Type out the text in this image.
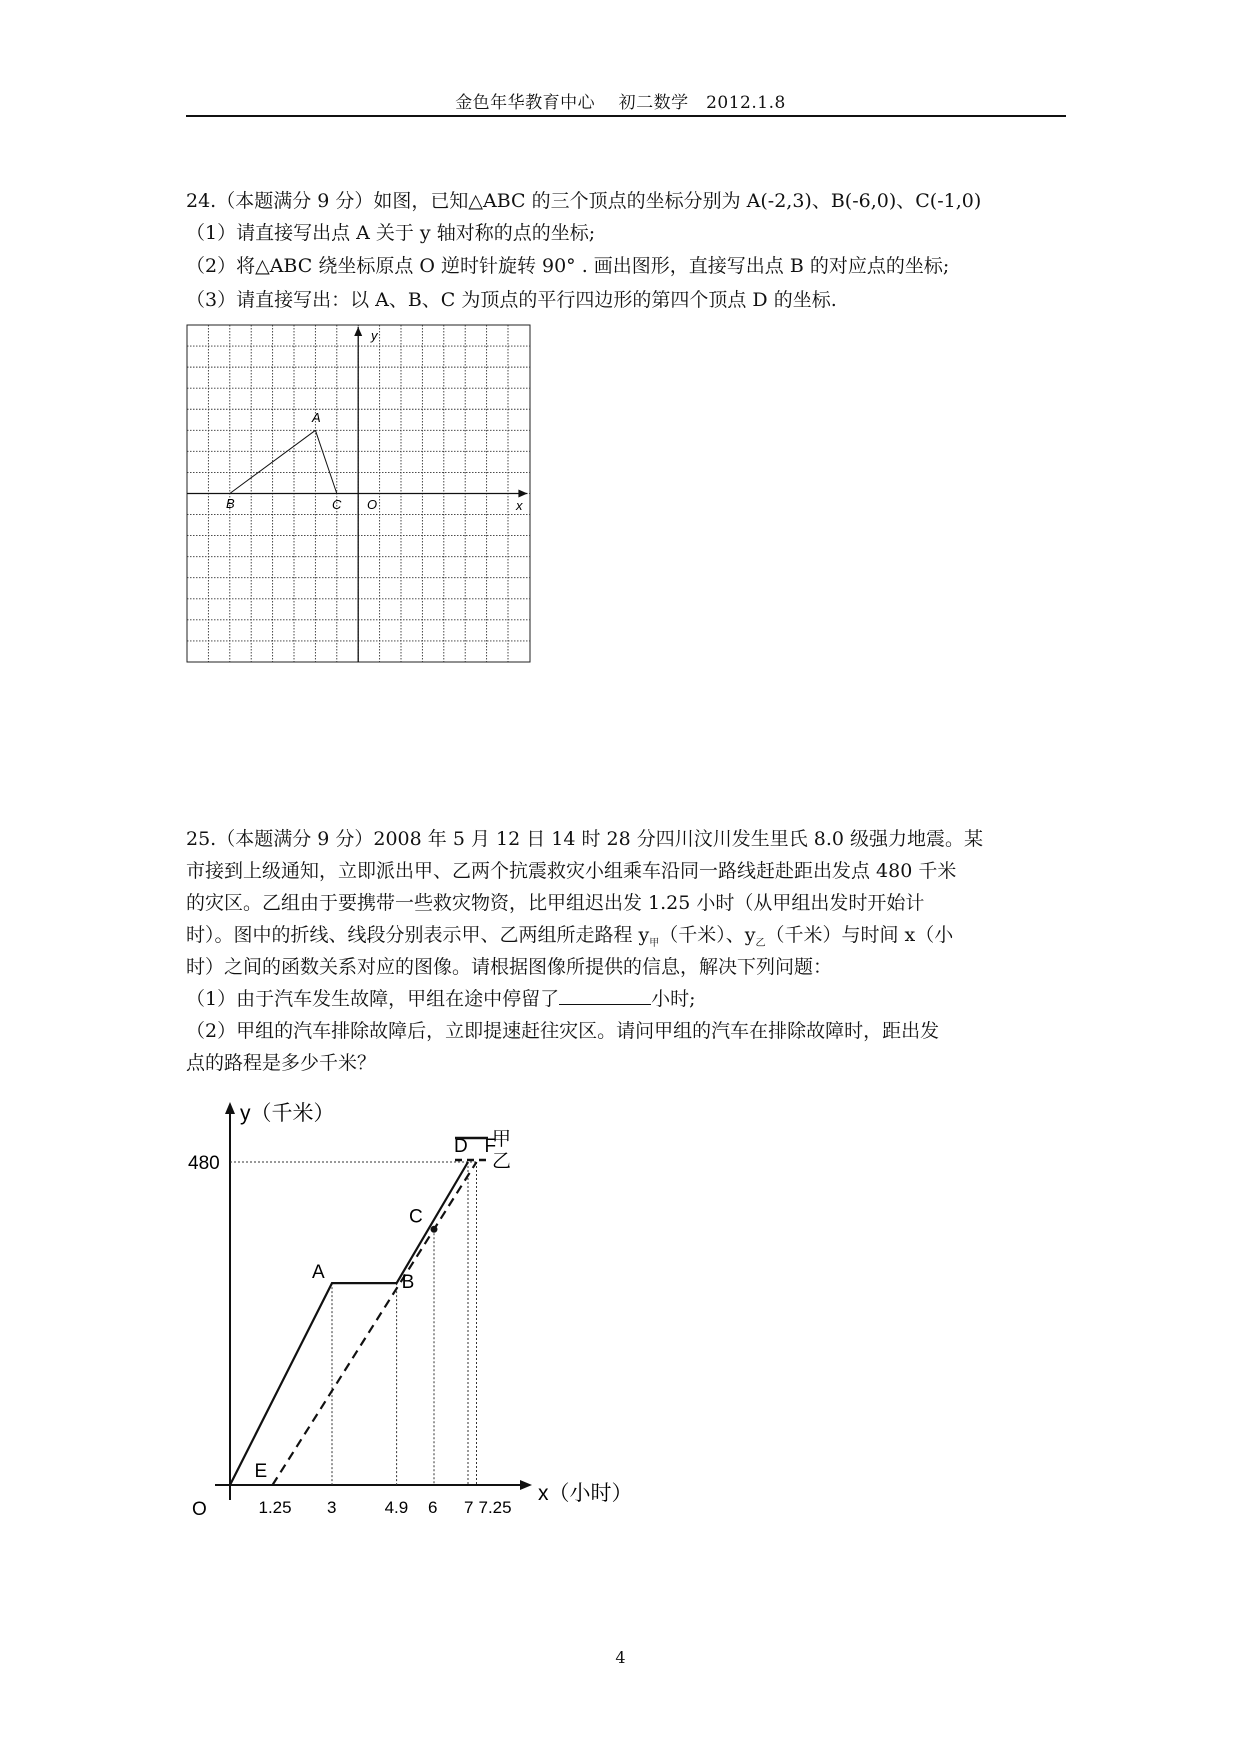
金色年华教育中心　 初二数学　2012.1.8
24.（本题满分 9 分）如图，已知△ABC 的三个顶点的坐标分别为 A(-2,3)、B(-6,0)、C(-1,0)
（1）请直接写出点 A 关于 y 轴对称的点的坐标;
（2）将△ABC 绕坐标原点 O 逆时针旋转 90° . 画出图形，直接写出点 B 的对应点的坐标;
（3）请直接写出：以 A、B、C 为顶点的平行四边形的第四个顶点 D 的坐标.
y
x
A
B	C O
25.（本题满分 9 分）2008 年 5 月 12 日 14 时 28 分四川汶川发生里氏 8.0 级强力地震。某
市接到上级通知，立即派出甲、乙两个抗震救灾小组乘车沿同一路线赶赴距出发点 480 千米
的灾区。乙组由于要携带一些救灾物资，比甲组迟出发 1.25 小时（从甲组出发时开始计
时）。图中的折线、线段分别表示甲、乙两组所走路程 $y_甲$（千米）、$y_乙$（千米）与时间 x（小
时）之间的函数关系对应的图像。请根据图像所提供的信息，解决下列问题：
（1）由于汽车发生故障，甲组在途中停留了	小时;
（2）甲组的汽车排除故障后，立即提速赶往灾区。请问甲组的汽车在排除故障时，距出发
点的路程是多少千米？
1.25 3	4.9 6 7 7.25
A	B
C
D
E
F
y（千米）
x（小时）
O
480
甲
乙
4
